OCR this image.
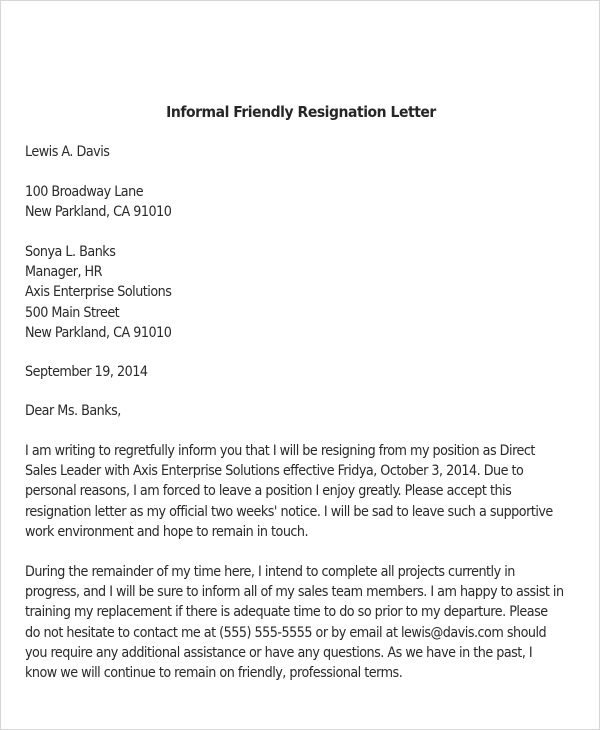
Informal Friendly Resignation Letter
Lewis A. Davis
100 Broadway Lane
New Parkland, CA 91010
Sonya L. Banks
Manager, HR
Axis Enterprise Solutions
500 Main Street
New Parkland, CA 91010
September 19, 2014
Dear Ms. Banks,
I am writing to regretfully inform you that I will be resigning from my position as Direct
Sales Leader with Axis Enterprise Solutions effective Fridya, October 3, 2014. Due to
personal reasons, I am forced to leave a position I enjoy greatly. Please accept this
resignation letter as my official two weeks' notice. I will be sad to leave such a supportive
work environment and hope to remain in touch.
During the remainder of my time here, I intend to complete all projects currently in
progress, and I will be sure to inform all of my sales team members. I am happy to assist in
training my replacement if there is adequate time to do so prior to my departure. Please
do not hesitate to contact me at (555) 555-5555 or by email at lewis@davis.com should
you require any additional assistance or have any questions. As we have in the past, I
know we will continue to remain on friendly, professional terms.
